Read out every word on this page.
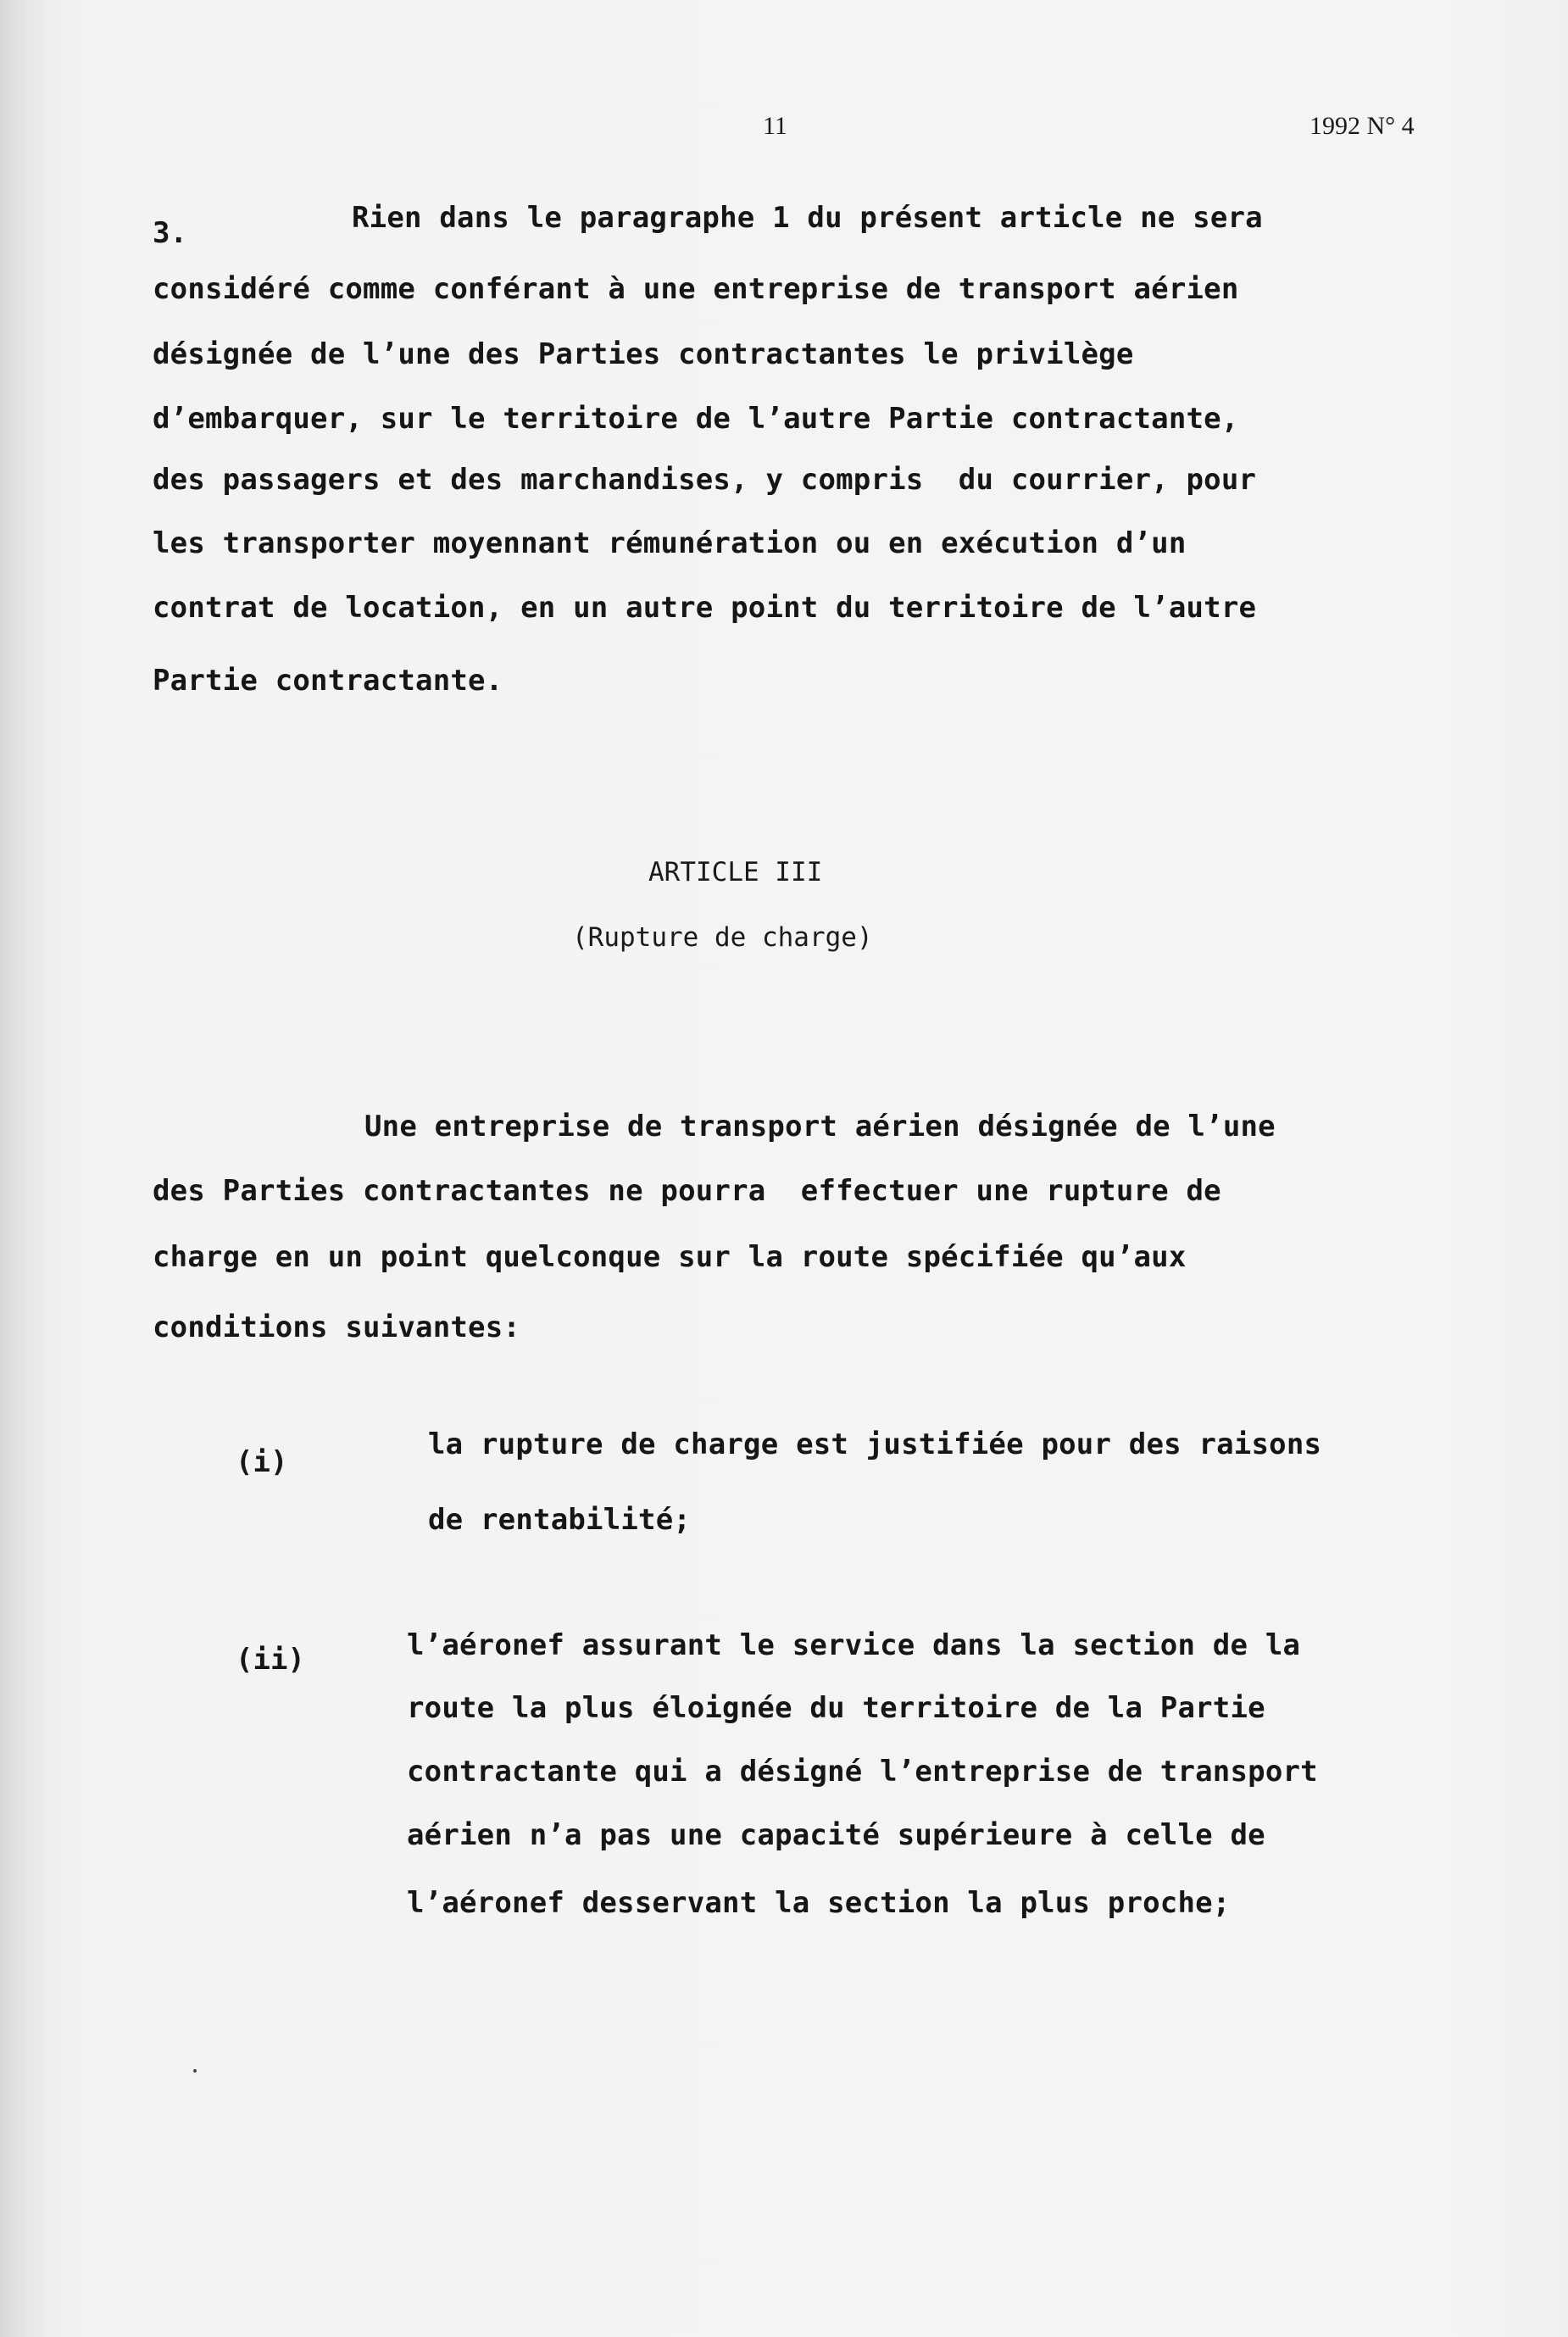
11	1992 N° 4
3.	Rien dans le paragraphe 1 du présent article ne sera
considéré comme conférant à une entreprise de transport aérien
désignée de l’une des Parties contractantes le privilège
d’embarquer, sur le territoire de l’autre Partie contractante,
des passagers et des marchandises, y compris  du courrier, pour
les transporter moyennant rémunération ou en exécution d’un
contrat de location, en un autre point du territoire de l’autre
Partie contractante.
ARTICLE III
(Rupture de charge)
Une entreprise de transport aérien désignée de l’une
des Parties contractantes ne pourra  effectuer une rupture de
charge en un point quelconque sur la route spécifiée qu’aux
conditions suivantes:
(i)
la rupture de charge est justifiée pour des raisons
de rentabilité;
(ii)	l’aéronef assurant le service dans la section de la
route la plus éloignée du territoire de la Partie
contractante qui a désigné l’entreprise de transport
aérien n’a pas une capacité supérieure à celle de
l’aéronef desservant la section la plus proche;
